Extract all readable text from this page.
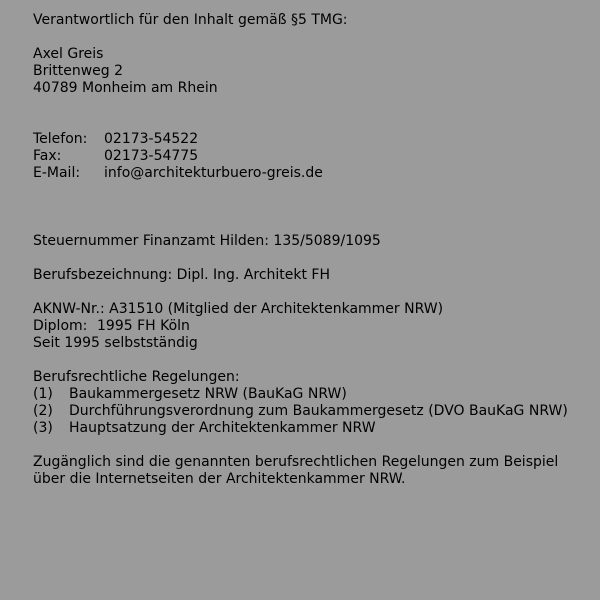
Verantwortlich für den Inhalt gemäß §5 TMG:
Axel Greis
Brittenweg 2
40789 Monheim am Rhein
Telefon:	02173-54522
Fax:	02173-54775
E-Mail:	info@architekturbuero-greis.de
Steuernummer Finanzamt Hilden: 135/5089/1095
Berufsbezeichnung: Dipl. Ing. Architekt FH
AKNW-Nr.: A31510 (Mitglied der Architektenkammer NRW)
Diplom: 1995 FH Köln
Seit 1995 selbstständig
Berufsrechtliche Regelungen:
(1)	Baukammergesetz NRW (BauKaG NRW)
(2)	Durchführungsverordnung zum Baukammergesetz (DVO BauKaG NRW)
(3)	Hauptsatzung der Architektenkammer NRW
Zugänglich sind die genannten berufsrechtlichen Regelungen zum Beispiel
über die Internetseiten der Architektenkammer NRW.
